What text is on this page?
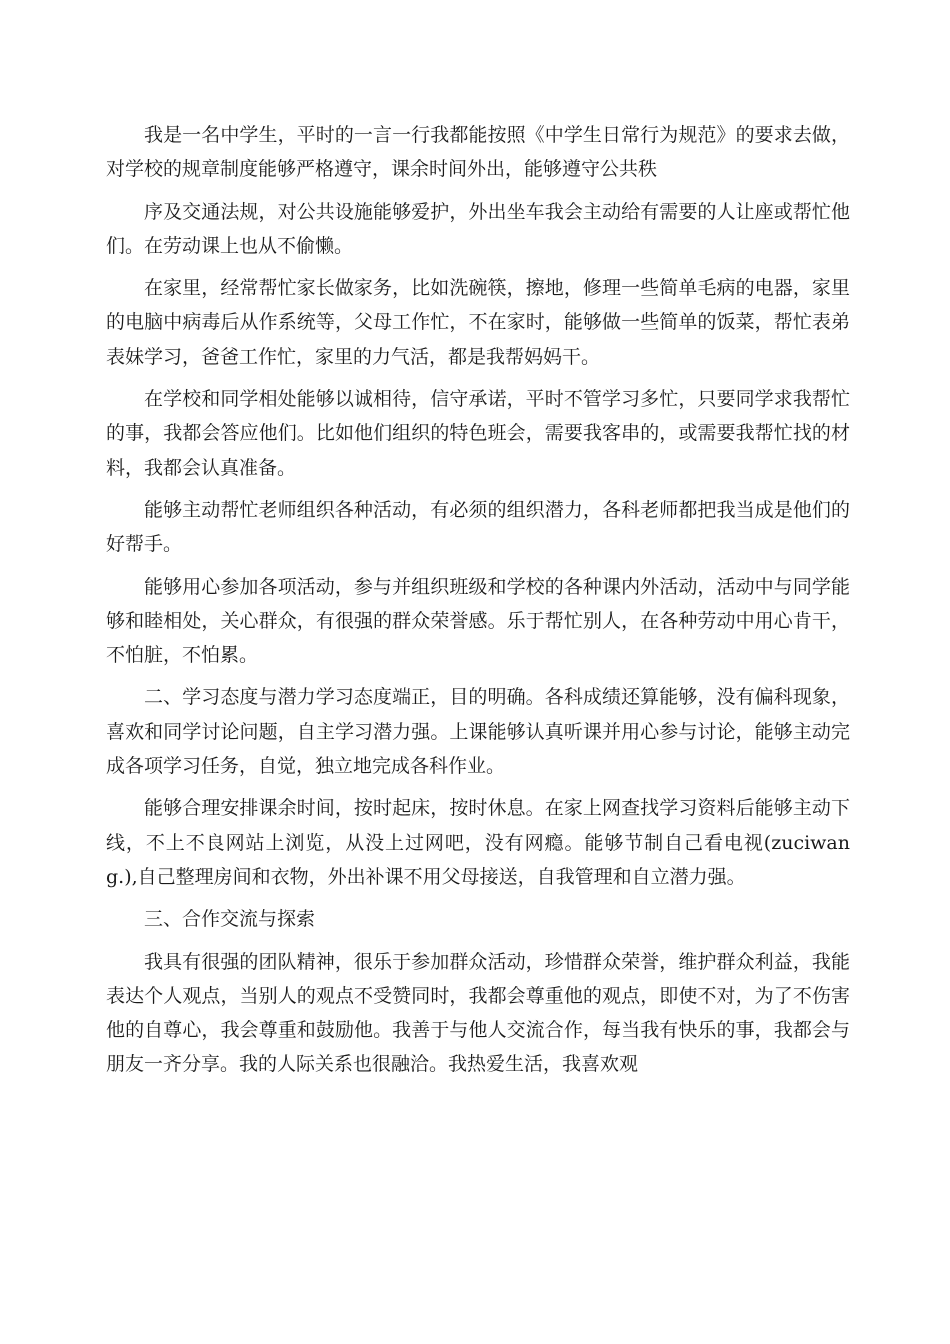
我是一名中学生，平时的一言一行我都能按照《中学生日常行为规范》的要求去做，对学校的规章制度能够严格遵守，课余时间外出，能够遵守公共秩

序及交通法规，对公共设施能够爱护，外出坐车我会主动给有需要的人让座或帮忙他们。在劳动课上也从不偷懒。

在家里，经常帮忙家长做家务，比如洗碗筷，擦地，修理一些简单毛病的电器，家里的电脑中病毒后从作系统等，父母工作忙，不在家时，能够做一些简单的饭菜，帮忙表弟表妹学习，爸爸工作忙，家里的力气活，都是我帮妈妈干。

在学校和同学相处能够以诚相待，信守承诺，平时不管学习多忙，只要同学求我帮忙的事，我都会答应他们。比如他们组织的特色班会，需要我客串的，或需要我帮忙找的材料，我都会认真准备。

能够主动帮忙老师组织各种活动，有必须的组织潜力，各科老师都把我当成是他们的好帮手。

能够用心参加各项活动，参与并组织班级和学校的各种课内外活动，活动中与同学能够和睦相处，关心群众，有很强的群众荣誉感。乐于帮忙别人，在各种劳动中用心肯干，不怕脏，不怕累。

二、学习态度与潜力学习态度端正，目的明确。各科成绩还算能够，没有偏科现象，喜欢和同学讨论问题，自主学习潜力强。上课能够认真听课并用心参与讨论，能够主动完成各项学习任务，自觉，独立地完成各科作业。

能够合理安排课余时间，按时起床，按时休息。在家上网查找学习资料后能够主动下线，不上不良网站上浏览，从没上过网吧，没有网瘾。能够节制自己看电视(zuciwang.),自己整理房间和衣物，外出补课不用父母接送，自我管理和自立潜力强。

三、合作交流与探索

我具有很强的团队精神，很乐于参加群众活动，珍惜群众荣誉，维护群众利益，我能表达个人观点，当别人的观点不受赞同时，我都会尊重他的观点，即使不对，为了不伤害他的自尊心，我会尊重和鼓励他。我善于与他人交流合作，每当我有快乐的事，我都会与朋友一齐分享。我的人际关系也很融洽。我热爱生活，我喜欢观
